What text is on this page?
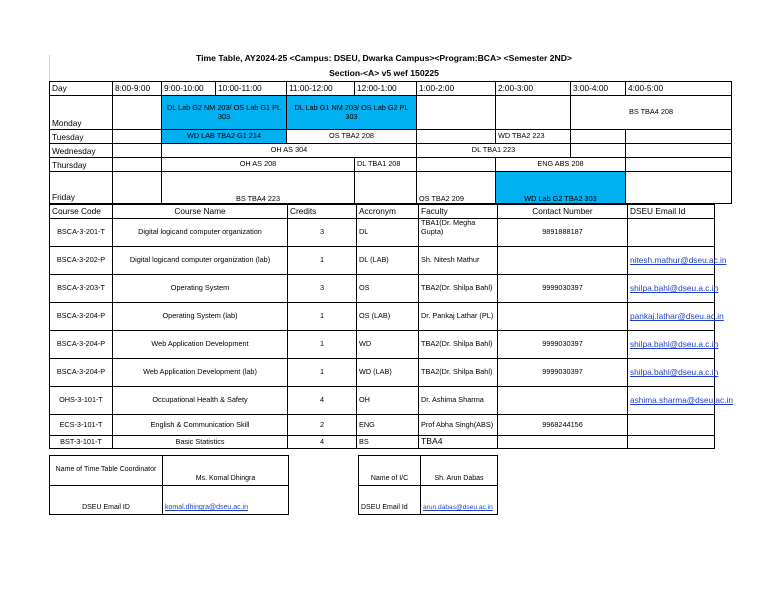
Time Table, AY2024-25 <Campus: DSEU, Dwarka Campus><Program:BCA> <Semester 2ND>
Section-<A> v5 wef 150225
Day	8:00-9:00	9:00-10:00	10:00-11:00	11:00-12:00	12:00-1:00	1:00-2:00	2:00-3:00	3:00-4:00	4:00-5:00
Monday		DL Lab G2 NM 203/ OS Lab G1 PL 303		DL Lab G1 NM 203/ OS Lab G2 PL 303				BS TBA4 208	
Tuesday		WD LAB TBA2 G1 214		OS TBA2 208			WD TBA2 223		
Wednesday		OH AS 304				DL TBA1 223			
Thursday		OH AS 208			DL TBA1 208		ENG ABS 208		
Friday		BS TBA4 223				OS TBA2 209	WD Lab G2 TBA2 303		
Course Code	Course Name	Credits	Accronym	Faculty	Contact Number	DSEU Email Id
BSCA-3-201-T	Digital logicand computer organization	3	DL	TBA1(Dr. Megha Gupta)	9891888187	
BSCA-3-202-P	Digital logicand computer organization (lab)	1	DL (LAB)	Sh. Nitesh Mathur		nitesh.mathur@dseu.ac.in
BSCA-3-203-T	Operating System	3	OS	TBA2(Dr. Shilpa Bahl)	9999030397	shilpa.bahl@dseu.a.c.in
BSCA-3-204-P	Operating System (lab)	1	OS (LAB)	Dr. Pankaj Lathar (PL)		pankaj.lathar@dseu.ac.in
BSCA-3-204-P	Web Application Development	1	WD	TBA2(Dr. Shilpa Bahl)	9999030397	shilpa.bahl@dseu.a.c.in
BSCA-3-204-P	Web Application Development (lab)	1	WD (LAB)	TBA2(Dr. Shilpa Bahl)	9999030397	shilpa.bahl@dseu.a.c.in
OHS-3-101-T	Occupational Health & Safety	4	OH	Dr. Ashima Sharma		ashima.sharma@dseu.ac.in
ECS-3-101-T	English & Communication Skill	2	ENG	Prof Abha Singh(ABS)	9968244156	
BST-3-101-T	Basic Statistics	4	BS	TBA4		
Name of Time Table Coordinator	Ms. Komal Dhingra
DSEU Email ID	komal.dhingra@dseu.ac.in
Name of I/C	Sh. Arun Dabas
DSEU Email Id	arun.dabas@dseu.ac.in
